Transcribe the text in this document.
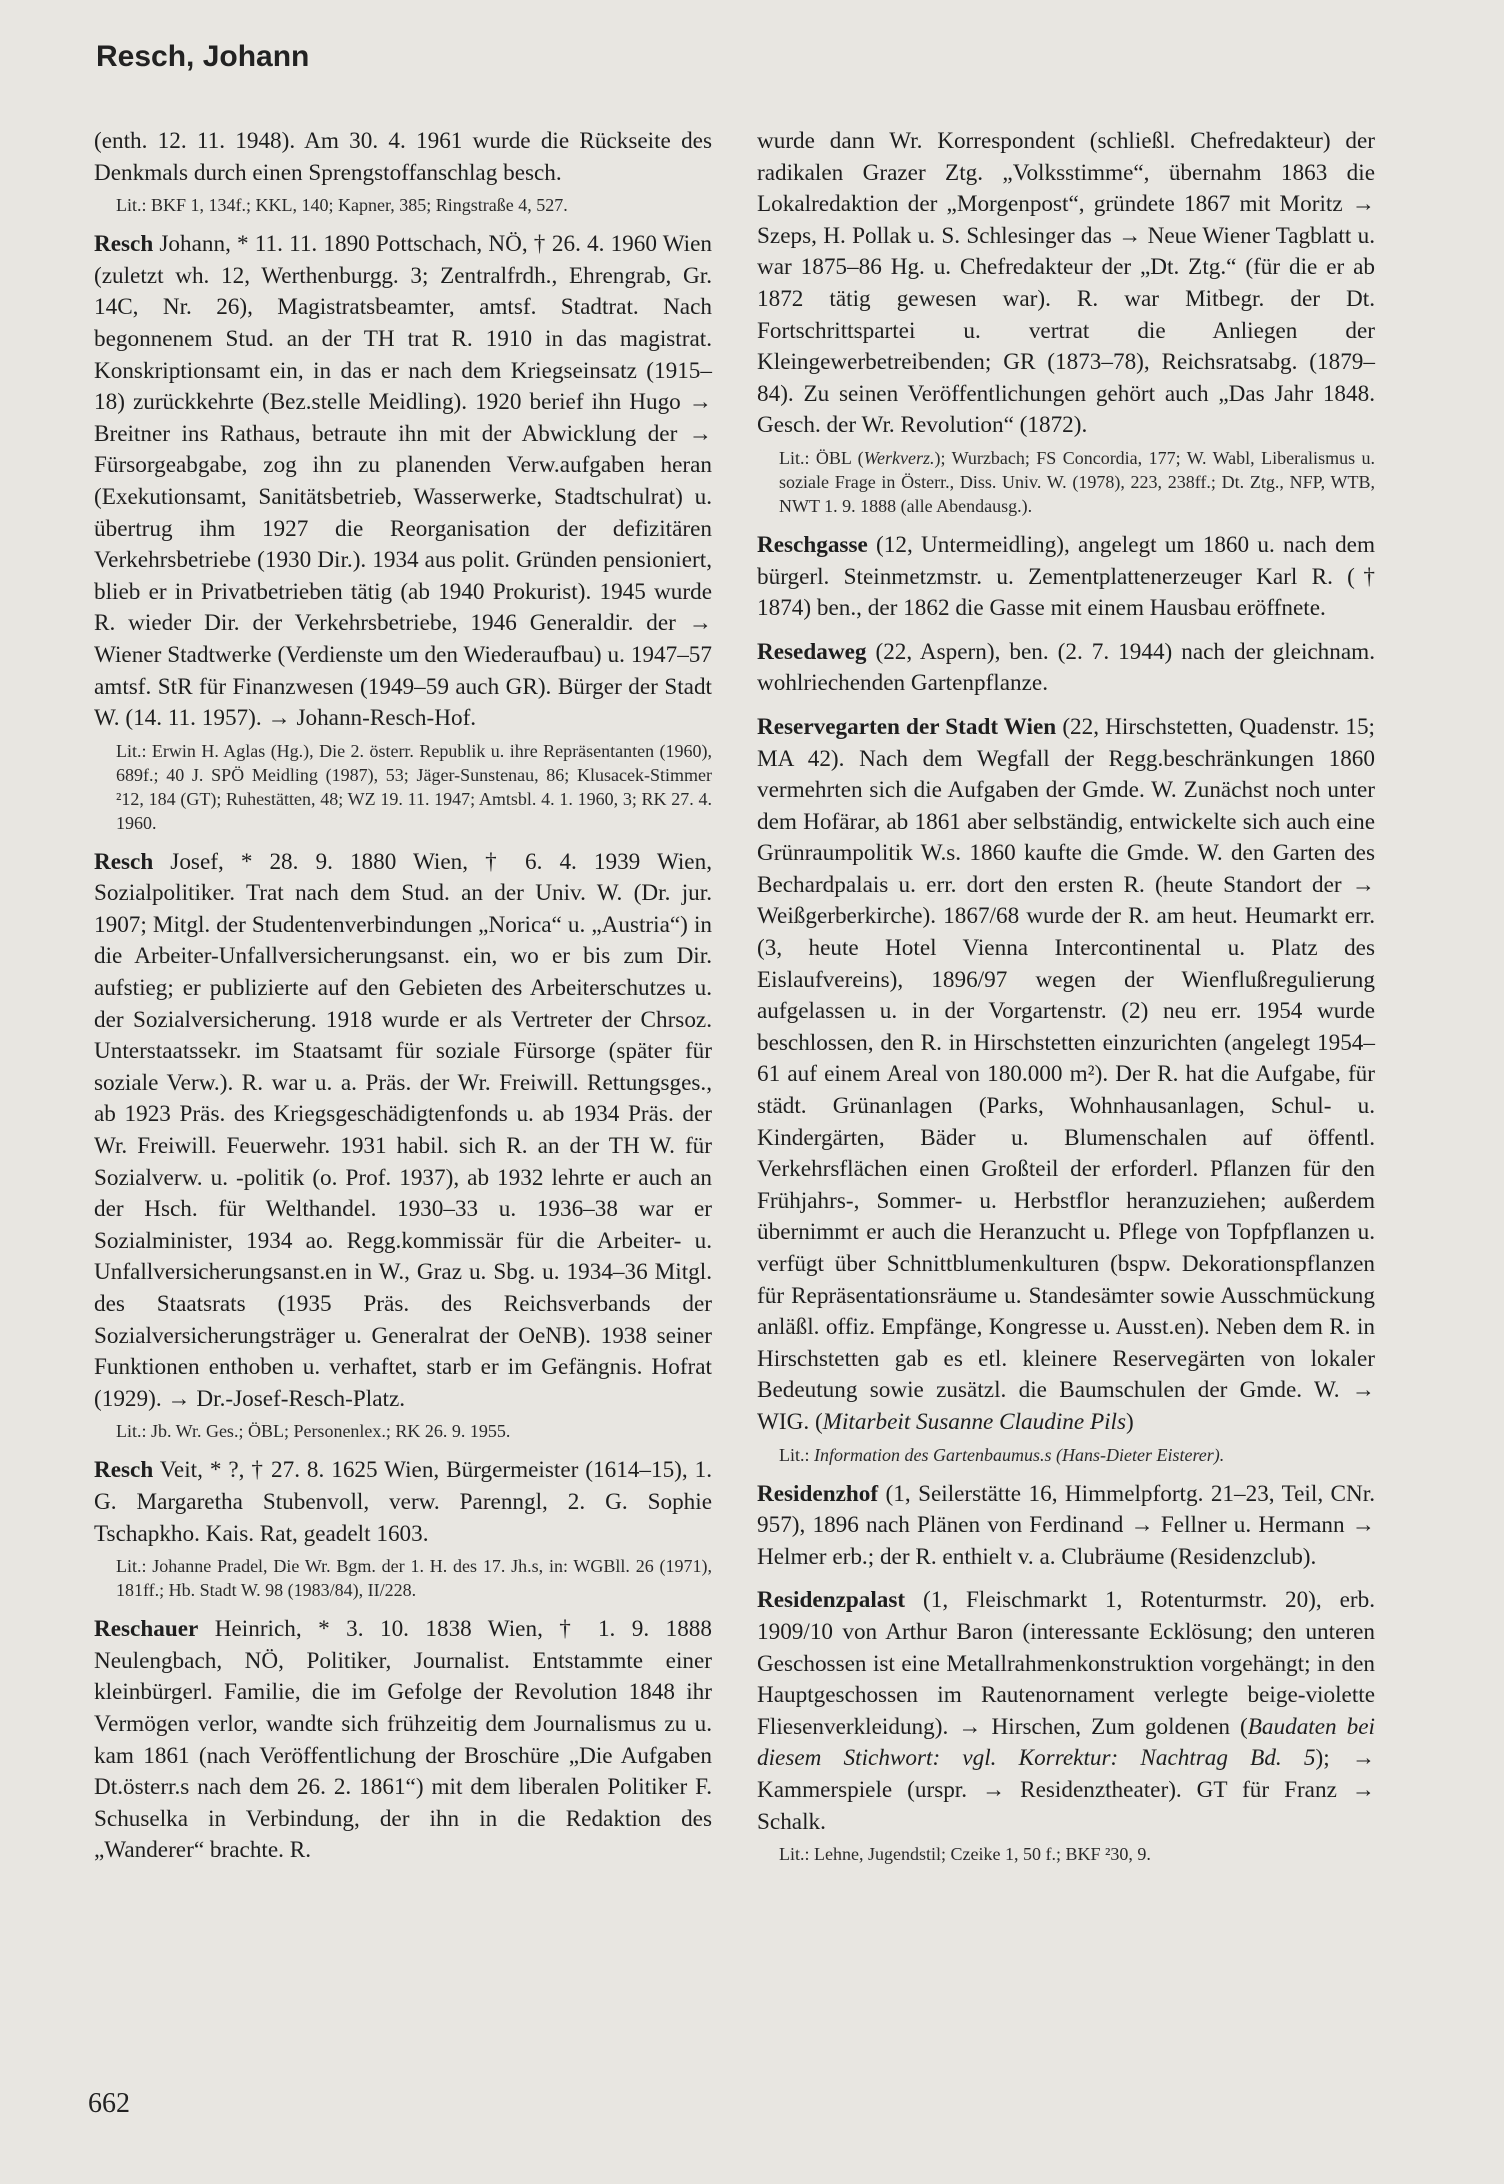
Resch, Johann

(enth. 12. 11. 1948). Am 30. 4. 1961 wurde die Rückseite des Denkmals durch einen Sprengstoffanschlag besch.

Lit.: BKF 1, 134f.; KKL, 140; Kapner, 385; Ringstraße 4, 527.

Resch Johann, * 11. 11. 1890 Pottschach, NÖ, † 26. 4. 1960 Wien (zuletzt wh. 12, Werthenburgg. 3; Zentralfrdh., Ehrengrab, Gr. 14C, Nr. 26), Magistratsbeamter, amtsf. Stadtrat. Nach begonnenem Stud. an der TH trat R. 1910 in das magistrat. Konskriptionsamt ein, in das er nach dem Kriegseinsatz (1915–18) zurückkehrte (Bez.stelle Meidling). 1920 berief ihn Hugo → Breitner ins Rathaus, betraute ihn mit der Abwicklung der → Fürsorgeabgabe, zog ihn zu planenden Verw.aufgaben heran (Exekutionsamt, Sanitätsbetrieb, Wasserwerke, Stadtschulrat) u. übertrug ihm 1927 die Reorganisation der defizitären Verkehrsbetriebe (1930 Dir.). 1934 aus polit. Gründen pensioniert, blieb er in Privatbetrieben tätig (ab 1940 Prokurist). 1945 wurde R. wieder Dir. der Verkehrsbetriebe, 1946 Generaldir. der → Wiener Stadtwerke (Verdienste um den Wiederaufbau) u. 1947–57 amtsf. StR für Finanzwesen (1949–59 auch GR). Bürger der Stadt W. (14. 11. 1957). → Johann-Resch-Hof.

Lit.: Erwin H. Aglas (Hg.), Die 2. österr. Republik u. ihre Repräsentanten (1960), 689f.; 40 J. SPÖ Meidling (1987), 53; Jäger-Sunstenau, 86; Klusacek-Stimmer ²12, 184 (GT); Ruhestätten, 48; WZ 19. 11. 1947; Amtsbl. 4. 1. 1960, 3; RK 27. 4. 1960.

Resch Josef, * 28. 9. 1880 Wien, † 6. 4. 1939 Wien, Sozialpolitiker. Trat nach dem Stud. an der Univ. W. (Dr. jur. 1907; Mitgl. der Studentenverbindungen „Norica“ u. „Austria“) in die Arbeiter-Unfallversicherungsanst. ein, wo er bis zum Dir. aufstieg; er publizierte auf den Gebieten des Arbeiterschutzes u. der Sozialversicherung. 1918 wurde er als Vertreter der Chrsoz. Unterstaatssekr. im Staatsamt für soziale Fürsorge (später für soziale Verw.). R. war u. a. Präs. der Wr. Freiwill. Rettungsges., ab 1923 Präs. des Kriegsgeschädigtenfonds u. ab 1934 Präs. der Wr. Freiwill. Feuerwehr. 1931 habil. sich R. an der TH W. für Sozialverw. u. -politik (o. Prof. 1937), ab 1932 lehrte er auch an der Hsch. für Welthandel. 1930–33 u. 1936–38 war er Sozialminister, 1934 ao. Regg.kommissär für die Arbeiter- u. Unfallversicherungsanst.en in W., Graz u. Sbg. u. 1934–36 Mitgl. des Staatsrats (1935 Präs. des Reichsverbands der Sozialversicherungsträger u. Generalrat der OeNB). 1938 seiner Funktionen enthoben u. verhaftet, starb er im Gefängnis. Hofrat (1929). → Dr.-Josef-Resch-Platz.

Lit.: Jb. Wr. Ges.; ÖBL; Personenlex.; RK 26. 9. 1955.

Resch Veit, * ?, † 27. 8. 1625 Wien, Bürgermeister (1614–15), 1. G. Margaretha Stubenvoll, verw. Parenngl, 2. G. Sophie Tschapkho. Kais. Rat, geadelt 1603.

Lit.: Johanne Pradel, Die Wr. Bgm. der 1. H. des 17. Jh.s, in: WGBll. 26 (1971), 181ff.; Hb. Stadt W. 98 (1983/84), II/228.

Reschauer Heinrich, * 3. 10. 1838 Wien, † 1. 9. 1888 Neulengbach, NÖ, Politiker, Journalist. Entstammte einer kleinbürgerl. Familie, die im Gefolge der Revolution 1848 ihr Vermögen verlor, wandte sich frühzeitig dem Journalismus zu u. kam 1861 (nach Veröffentlichung der Broschüre „Die Aufgaben Dt.österr.s nach dem 26. 2. 1861“) mit dem liberalen Politiker F. Schuselka in Verbindung, der ihn in die Redaktion des „Wanderer“ brachte. R.

wurde dann Wr. Korrespondent (schließl. Chefredakteur) der radikalen Grazer Ztg. „Volksstimme“, übernahm 1863 die Lokalredaktion der „Morgenpost“, gründete 1867 mit Moritz → Szeps, H. Pollak u. S. Schlesinger das → Neue Wiener Tagblatt u. war 1875–86 Hg. u. Chefredakteur der „Dt. Ztg.“ (für die er ab 1872 tätig gewesen war). R. war Mitbegr. der Dt. Fortschrittspartei u. vertrat die Anliegen der Kleingewerbetreibenden; GR (1873–78), Reichsratsabg. (1879–84). Zu seinen Veröffentlichungen gehört auch „Das Jahr 1848. Gesch. der Wr. Revolution“ (1872).

Lit.: ÖBL (Werkverz.); Wurzbach; FS Concordia, 177; W. Wabl, Liberalismus u. soziale Frage in Österr., Diss. Univ. W. (1978), 223, 238ff.; Dt. Ztg., NFP, WTB, NWT 1. 9. 1888 (alle Abendausg.).

Reschgasse (12, Untermeidling), angelegt um 1860 u. nach dem bürgerl. Steinmetzmstr. u. Zementplattenerzeuger Karl R. († 1874) ben., der 1862 die Gasse mit einem Hausbau eröffnete.

Resedaweg (22, Aspern), ben. (2. 7. 1944) nach der gleichnam. wohlriechenden Gartenpflanze.

Reservegarten der Stadt Wien (22, Hirschstetten, Quadenstr. 15; MA 42). Nach dem Wegfall der Regg.beschränkungen 1860 vermehrten sich die Aufgaben der Gmde. W. Zunächst noch unter dem Hofärar, ab 1861 aber selbständig, entwickelte sich auch eine Grünraumpolitik W.s. 1860 kaufte die Gmde. W. den Garten des Bechardpalais u. err. dort den ersten R. (heute Standort der → Weißgerberkirche). 1867/68 wurde der R. am heut. Heumarkt err. (3, heute Hotel Vienna Intercontinental u. Platz des Eislaufvereins), 1896/97 wegen der Wienflußregulierung aufgelassen u. in der Vorgartenstr. (2) neu err. 1954 wurde beschlossen, den R. in Hirschstetten einzurichten (angelegt 1954–61 auf einem Areal von 180.000 m²). Der R. hat die Aufgabe, für städt. Grünanlagen (Parks, Wohnhausanlagen, Schul- u. Kindergärten, Bäder u. Blumenschalen auf öffentl. Verkehrsflächen einen Großteil der erforderl. Pflanzen für den Frühjahrs-, Sommer- u. Herbstflor heranzuziehen; außerdem übernimmt er auch die Heranzucht u. Pflege von Topfpflanzen u. verfügt über Schnittblumenkulturen (bspw. Dekorationspflanzen für Repräsentationsräume u. Standesämter sowie Ausschmückung anläßl. offiz. Empfänge, Kongresse u. Ausst.en). Neben dem R. in Hirschstetten gab es etl. kleinere Reservegärten von lokaler Bedeutung sowie zusätzl. die Baumschulen der Gmde. W. → WIG. (Mitarbeit Susanne Claudine Pils)

Lit.: Information des Gartenbaumus.s (Hans-Dieter Eisterer).

Residenzhof (1, Seilerstätte 16, Himmelpfortg. 21–23, Teil, CNr. 957), 1896 nach Plänen von Ferdinand → Fellner u. Hermann → Helmer erb.; der R. enthielt v. a. Clubräume (Residenzclub).

Residenzpalast (1, Fleischmarkt 1, Rotenturmstr. 20), erb. 1909/10 von Arthur Baron (interessante Ecklösung; den unteren Geschossen ist eine Metallrahmenkonstruktion vorgehängt; in den Hauptgeschossen im Rautenornament verlegte beige-violette Fliesenverkleidung). → Hirschen, Zum goldenen (Baudaten bei diesem Stichwort: vgl. Korrektur: Nachtrag Bd. 5); → Kammerspiele (urspr. → Residenztheater). GT für Franz → Schalk.

Lit.: Lehne, Jugendstil; Czeike 1, 50 f.; BKF ²30, 9.

662
